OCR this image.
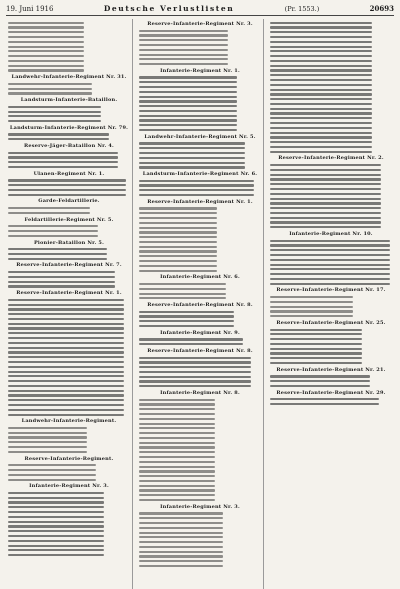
19. Juni 1916	Deutsche Verlustlisten	(Pr. 1553.)	20693
Landwehr-Infanterie-Regiment Nr. 31.
Landsturm-Infanterie-Bataillon.
Landsturm-Infanterie-Regiment Nr. 79.
Reserve-Jäger-Bataillon Nr. 4.
Ulanen-Regiment Nr. 1.
Garde-Feldartillerie.
Feldartillerie-Regiment Nr. 5.
Pionier-Bataillon Nr. 5.
Reserve-Infanterie-Regiment Nr. 7.
Reserve-Infanterie-Regiment Nr. 1.
Landwehr-Infanterie-Regiment.
Reserve-Infanterie-Regiment.
Infanterie-Regiment Nr. 3.
Reserve-Infanterie-Regiment Nr. 3.
Infanterie-Regiment Nr. 1.
Landwehr-Infanterie-Regiment Nr. 5.
Landsturm-Infanterie-Regiment Nr. 6.
Reserve-Infanterie-Regiment Nr. 1.
Infanterie-Regiment Nr. 6.
Reserve-Infanterie-Regiment Nr. 8.
Infanterie-Regiment Nr. 9.
Reserve-Infanterie-Regiment Nr. 8.
Infanterie-Regiment Nr. 8.
Infanterie-Regiment Nr. 3.
Reserve-Infanterie-Regiment Nr. 2.
Infanterie-Regiment Nr. 10.
Reserve-Infanterie-Regiment Nr. 17.
Reserve-Infanterie-Regiment Nr. 25.
Reserve-Infanterie-Regiment Nr. 21.
Reserve-Infanterie-Regiment Nr. 29.
